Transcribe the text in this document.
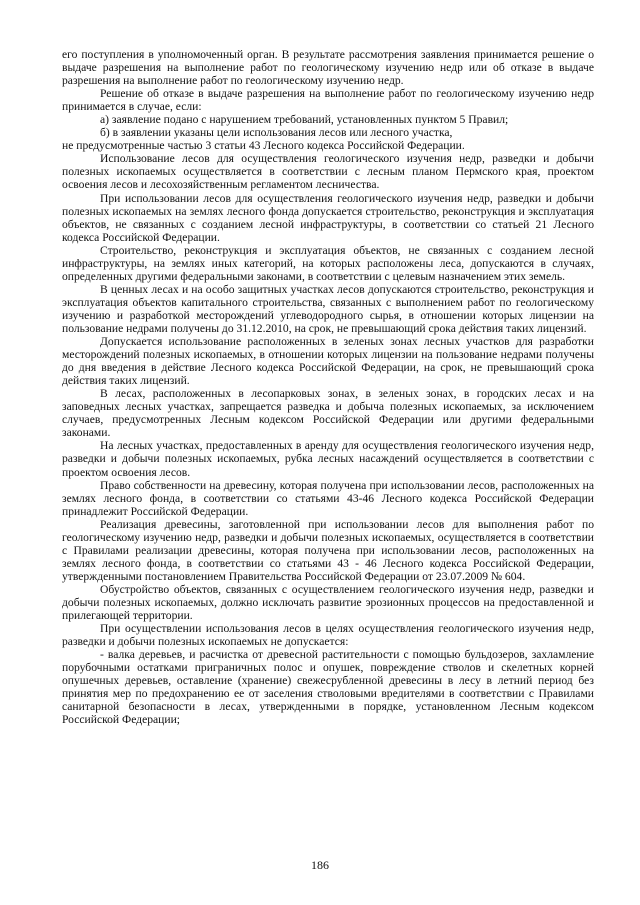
его поступления в уполномоченный орган. В результате рассмотрения заявления принимается решение о выдаче разрешения на выполнение работ по геологическому изучению недр или об отказе в выдаче разрешения на выполнение работ по геологическому изучению недр.

Решение об отказе в выдаче разрешения на выполнение работ по геологическому изучению недр принимается в случае, если:

а) заявление подано с нарушением требований, установленных пунктом 5 Правил;

б) в заявлении указаны цели использования лесов или лесного участка,

не предусмотренные частью 3 статьи 43 Лесного кодекса Российской Федерации.

Использование лесов для осуществления геологического изучения недр, разведки и добычи полезных ископаемых осуществляется в соответствии с лесным планом Пермского края, проектом освоения лесов и лесохозяйственным регламентом лесничества.

При использовании лесов для осуществления геологического изучения недр, разведки и добычи полезных ископаемых на землях лесного фонда допускается строительство, реконструкция и эксплуатация объектов, не связанных с созданием лесной инфраструктуры, в соответствии со статьей 21 Лесного кодекса Российской Федерации.

Строительство, реконструкция и эксплуатация объектов, не связанных с созданием лесной инфраструктуры, на землях иных категорий, на которых расположены леса, допускаются в случаях, определенных другими федеральными законами, в соответствии с целевым назначением этих земель.

В ценных лесах и на особо защитных участках лесов допускаются строительство, реконструкция и эксплуатация объектов капитального строительства, связанных с выполнением работ по геологическому изучению и разработкой месторождений углеводородного сырья, в отношении которых лицензии на пользование недрами получены до 31.12.2010, на срок, не превышающий срока действия таких лицензий.

Допускается использование расположенных в зеленых зонах лесных участков для разработки месторождений полезных ископаемых, в отношении которых лицензии на пользование недрами получены до дня введения в действие Лесного кодекса Российской Федерации, на срок, не превышающий срока действия таких лицензий.

В лесах, расположенных в лесопарковых зонах, в зеленых зонах, в городских лесах и на заповедных лесных участках, запрещается разведка и добыча полезных ископаемых, за исключением случаев, предусмотренных Лесным кодексом Российской Федерации или другими федеральными законами.

На лесных участках, предоставленных в аренду для осуществления геологического изучения недр, разведки и добычи полезных ископаемых, рубка лесных насаждений осуществляется в соответствии с проектом освоения лесов.

Право собственности на древесину, которая получена при использовании лесов, расположенных на землях лесного фонда, в соответствии со статьями 43-46 Лесного кодекса Российской Федерации принадлежит Российской Федерации.

Реализация древесины, заготовленной при использовании лесов для выполнения работ по геологическому изучению недр, разведки и добычи полезных ископаемых, осуществляется в соответствии с Правилами реализации древесины, которая получена при использовании лесов, расположенных на землях лесного фонда, в соответствии со статьями 43 - 46 Лесного кодекса Российской Федерации, утвержденными постановлением Правительства Российской Федерации от 23.07.2009 № 604.

Обустройство объектов, связанных с осуществлением геологического изучения недр, разведки и добычи полезных ископаемых, должно исключать развитие эрозионных процессов на предоставленной и прилегающей территории.

При осуществлении использования лесов в целях осуществления геологического изучения недр, разведки и добычи полезных ископаемых не допускается:

- валка деревьев, и расчистка от древесной растительности с помощью бульдозеров, захламление порубочными остатками приграничных полос и опушек, повреждение стволов и скелетных корней опушечных деревьев, оставление (хранение) свежесрубленной древесины в лесу в летний период без принятия мер по предохранению ее от заселения стволовыми вредителями в соответствии с Правилами санитарной безопасности в лесах, утвержденными в порядке, установленном Лесным кодексом Российской Федерации;

186
